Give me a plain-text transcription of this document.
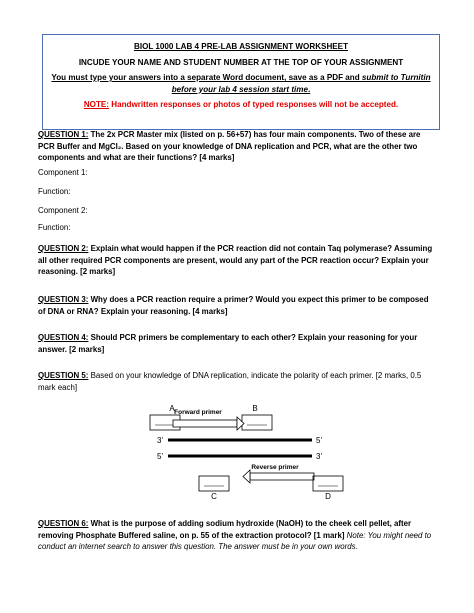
BIOL 1000 LAB 4 PRE-LAB ASSIGNMENT WORKSHEET
INCUDE YOUR NAME AND STUDENT NUMBER AT THE TOP OF YOUR ASSIGNMENT
You must type your answers into a separate Word document, save as a PDF and submit to Turnitin before your lab 4 session start time.
NOTE: Handwritten responses or photos of typed responses will not be accepted.
QUESTION 1: The 2x PCR Master mix (listed on p. 56+57) has four main components. Two of these are PCR Buffer and MgCl₂. Based on your knowledge of DNA replication and PCR, what are the other two components and what are their functions? [4 marks]
Component 1:
Function:
Component 2:
Function:
QUESTION 2: Explain what would happen if the PCR reaction did not contain Taq polymerase? Assuming all other required PCR components are present, would any part of the PCR reaction occur? Explain your reasoning. [2 marks]
QUESTION 3: Why does a PCR reaction require a primer? Would you expect this primer to be composed of DNA or RNA? Explain your reasoning. [4 marks]
QUESTION 4: Should PCR primers be complementary to each other? Explain your reasoning for your answer. [2 marks]
QUESTION 5: Based on your knowledge of DNA replication, indicate the polarity of each primer. [2 marks, 0.5 mark each]
A	B
Forward primer
3’	5’
5’	3’
Reverse primer
C	D
QUESTION 6: What is the purpose of adding sodium hydroxide (NaOH) to the cheek cell pellet, after removing Phosphate Buffered saline, on p. 55 of the extraction protocol? [1 mark] Note: You might need to conduct an internet search to answer this question. The answer must be in your own words.
